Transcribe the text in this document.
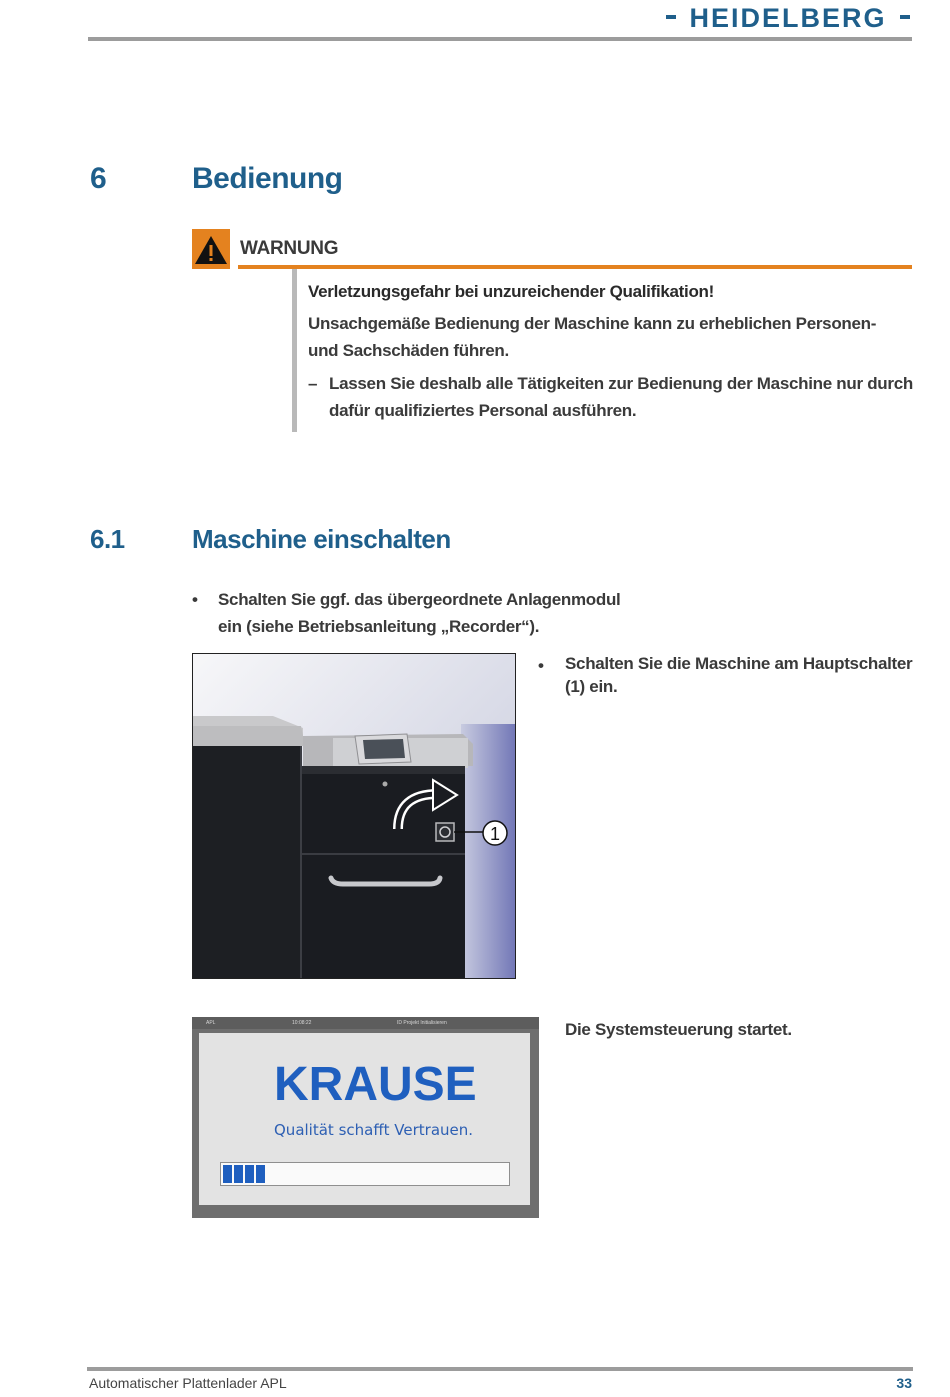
HEIDELBERG
6	Bedienung
WARNUNG
Verletzungsgefahr bei unzureichender Qualifikation!
Unsachgemäße Bedienung der Maschine kann zu erheblichen Personen- und Sachschäden führen.
– Lassen Sie deshalb alle Tätigkeiten zur Bedienung der Maschine nur durch dafür qualifiziertes Personal ausführen.
6.1	Maschine einschalten
• Schalten Sie ggf. das übergeordnete Anlagenmodul ein (siehe Betriebsanleitung „Recorder“).
1
• Schalten Sie die Maschine am Hauptschalter (1) ein.
APL	10:08:22	ID Projekt Initialisieren
KRAUSE
Qualität schafft Vertrauen.
Die Systemsteuerung startet.
Automatischer Plattenlader APL	33
